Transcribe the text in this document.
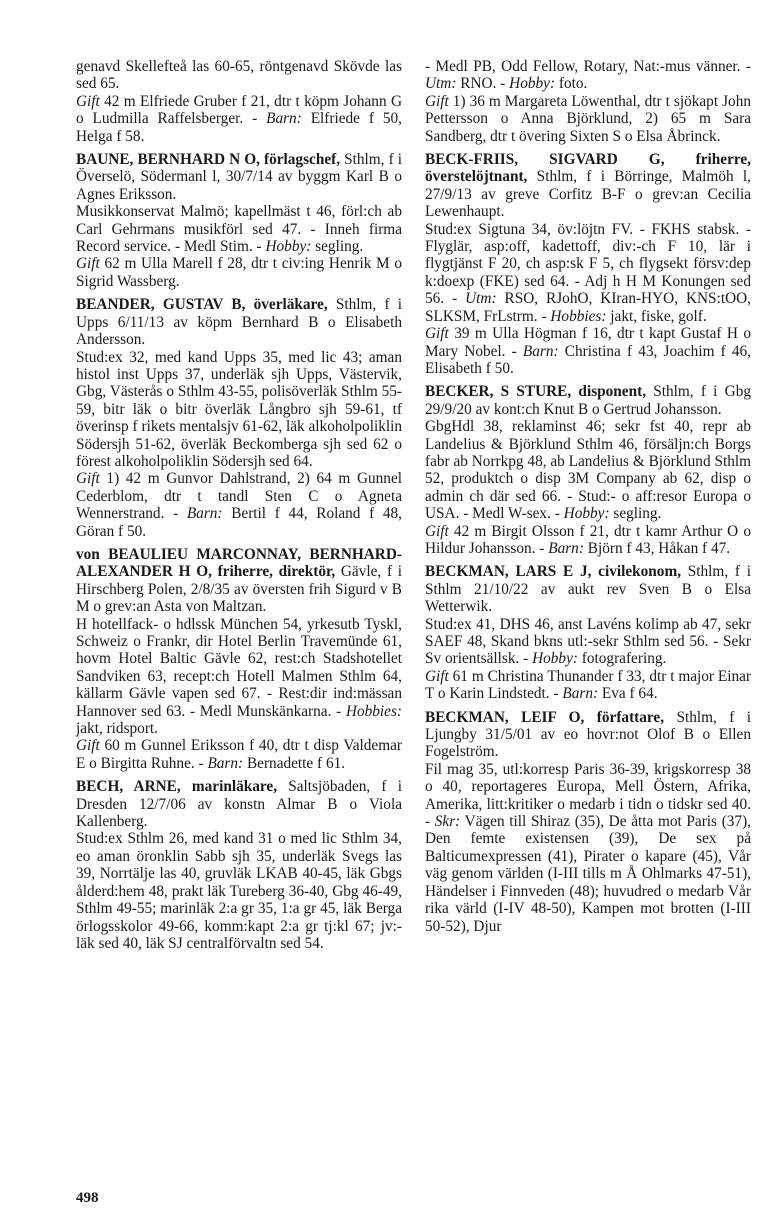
genavd Skellefteå las 60-65, röntgenavd Skövde las sed 65.

Gift 42 m Elfriede Gruber f 21, dtr t köpm Johann G o Ludmilla Raffelsberger. - Barn: Elfriede f 50, Helga f 58.

BAUNE, BERNHARD N O, förlagschef, Sthlm, f i Överselö, Södermanl l, 30/7/14 av byggm Karl B o Agnes Eriksson.

Musikkonservat Malmö; kapellmäst t 46, förl:ch ab Carl Gehrmans musikförl sed 47. - Inneh firma Record service. - Medl Stim. - Hobby: segling.

Gift 62 m Ulla Marell f 28, dtr t civ:ing Henrik M o Sigrid Wassberg.

BEANDER, GUSTAV B, överläkare, Sthlm, f i Upps 6/11/13 av köpm Bernhard B o Elisabeth Andersson.

Stud:ex 32, med kand Upps 35, med lic 43; aman histol inst Upps 37, underläk sjh Upps, Västervik, Gbg, Västerås o Sthlm 43-55, polisöverläk Sthlm 55-59, bitr läk o bitr överläk Långbro sjh 59-61, tf överinsp f rikets mentalsjv 61-62, läk alkoholpoliklin Södersjh 51-62, överläk Beckomberga sjh sed 62 o förest alkoholpoliklin Södersjh sed 64.

Gift 1) 42 m Gunvor Dahlstrand, 2) 64 m Gunnel Cederblom, dtr t tandl Sten C o Agneta Wennerstrand. - Barn: Bertil f 44, Roland f 48, Göran f 50.

von BEAULIEU MARCONNAY, BERNHARD-ALEXANDER H O, friherre, direktör, Gävle, f i Hirschberg Polen, 2/8/35 av översten frih Sigurd v B M o grev:an Asta von Maltzan.

H hotellfack- o hdlssk München 54, yrkesutb Tyskl, Schweiz o Frankr, dir Hotel Berlin Travemünde 61, hovm Hotel Baltic Gävle 62, rest:ch Stadshotellet Sandviken 63, recept:ch Hotell Malmen Sthlm 64, källarm Gävle vapen sed 67. - Rest:dir ind:mässan Hannover sed 63. - Medl Munskänkarna. - Hobbies: jakt, ridsport.

Gift 60 m Gunnel Eriksson f 40, dtr t disp Valdemar E o Birgitta Ruhne. - Barn: Bernadette f 61.

BECH, ARNE, marinläkare, Saltsjöbaden, f i Dresden 12/7/06 av konstn Almar B o Viola Kallenberg.

Stud:ex Sthlm 26, med kand 31 o med lic Sthlm 34, eo aman öronklin Sabb sjh 35, underläk Svegs las 39, Norrtälje las 40, gruvläk LKAB 40-45, läk Gbgs ålderd:hem 48, prakt läk Tureberg 36-40, Gbg 46-49, Sthlm 49-55; marinläk 2:a gr 35, 1:a gr 45, läk Berga örlogsskolor 49-66, komm:kapt 2:a gr tj:kl 67; jv:-läk sed 40, läk SJ centralförvaltn sed 54.

- Medl PB, Odd Fellow, Rotary, Nat:-mus vänner. - Utm: RNO. - Hobby: foto.

Gift 1) 36 m Margareta Löwenthal, dtr t sjökapt John Pettersson o Anna Björklund, 2) 65 m Sara Sandberg, dtr t övering Sixten S o Elsa Åbrinck.

BECK-FRIIS, SIGVARD G, friherre, överstelöjtnant, Sthlm, f i Börringe, Malmöh l, 27/9/13 av greve Corfitz B-F o grev:an Cecilia Lewenhaupt.

Stud:ex Sigtuna 34, öv:löjtn FV. - FKHS stabsk. - Flyglär, asp:off, kadettoff, div:-ch F 10, lär i flygtjänst F 20, ch asp:sk F 5, ch flygsekt försv:dep k:doexp (FKE) sed 64. - Adj h H M Konungen sed 56. - Utm: RSO, RJohO, KIran-HYO, KNS:tOO, SLKSM, FrLstrm. - Hobbies: jakt, fiske, golf.

Gift 39 m Ulla Högman f 16, dtr t kapt Gustaf H o Mary Nobel. - Barn: Christina f 43, Joachim f 46, Elisabeth f 50.

BECKER, S STURE, disponent, Sthlm, f i Gbg 29/9/20 av kont:ch Knut B o Gertrud Johansson.

GbgHdl 38, reklaminst 46; sekr fst 40, repr ab Landelius & Björklund Sthlm 46, försäljn:ch Borgs fabr ab Norrkpg 48, ab Landelius & Björklund Sthlm 52, produktch o disp 3M Company ab 62, disp o admin ch där sed 66. - Stud:- o aff:resor Europa o USA. - Medl W-sex. - Hobby: segling.

Gift 42 m Birgit Olsson f 21, dtr t kamr Arthur O o Hildur Johansson. - Barn: Björn f 43, Håkan f 47.

BECKMAN, LARS E J, civilekonom, Sthlm, f i Sthlm 21/10/22 av aukt rev Sven B o Elsa Wetterwik.

Stud:ex 41, DHS 46, anst Lavéns kolimp ab 47, sekr SAEF 48, Skand bkns utl:-sekr Sthlm sed 56. - Sekr Sv orientsällsk. - Hobby: fotografering.

Gift 61 m Christina Thunander f 33, dtr t major Einar T o Karin Lindstedt. - Barn: Eva f 64.

BECKMAN, LEIF O, författare, Sthlm, f i Ljungby 31/5/01 av eo hovr:not Olof B o Ellen Fogelström.

Fil mag 35, utl:korresp Paris 36-39, krigskorresp 38 o 40, reportageres Europa, Mell Östern, Afrika, Amerika, litt:kritiker o medarb i tidn o tidskr sed 40. - Skr: Vägen till Shiraz (35), De åtta mot Paris (37), Den femte existensen (39), De sex på Balticumexpressen (41), Pirater o kapare (45), Vår väg genom världen (I-III tills m Å Ohlmarks 47-51), Händelser i Finnveden (48); huvudred o medarb Vår rika värld (I-IV 48-50), Kampen mot brotten (I-III 50-52), Djur

498
